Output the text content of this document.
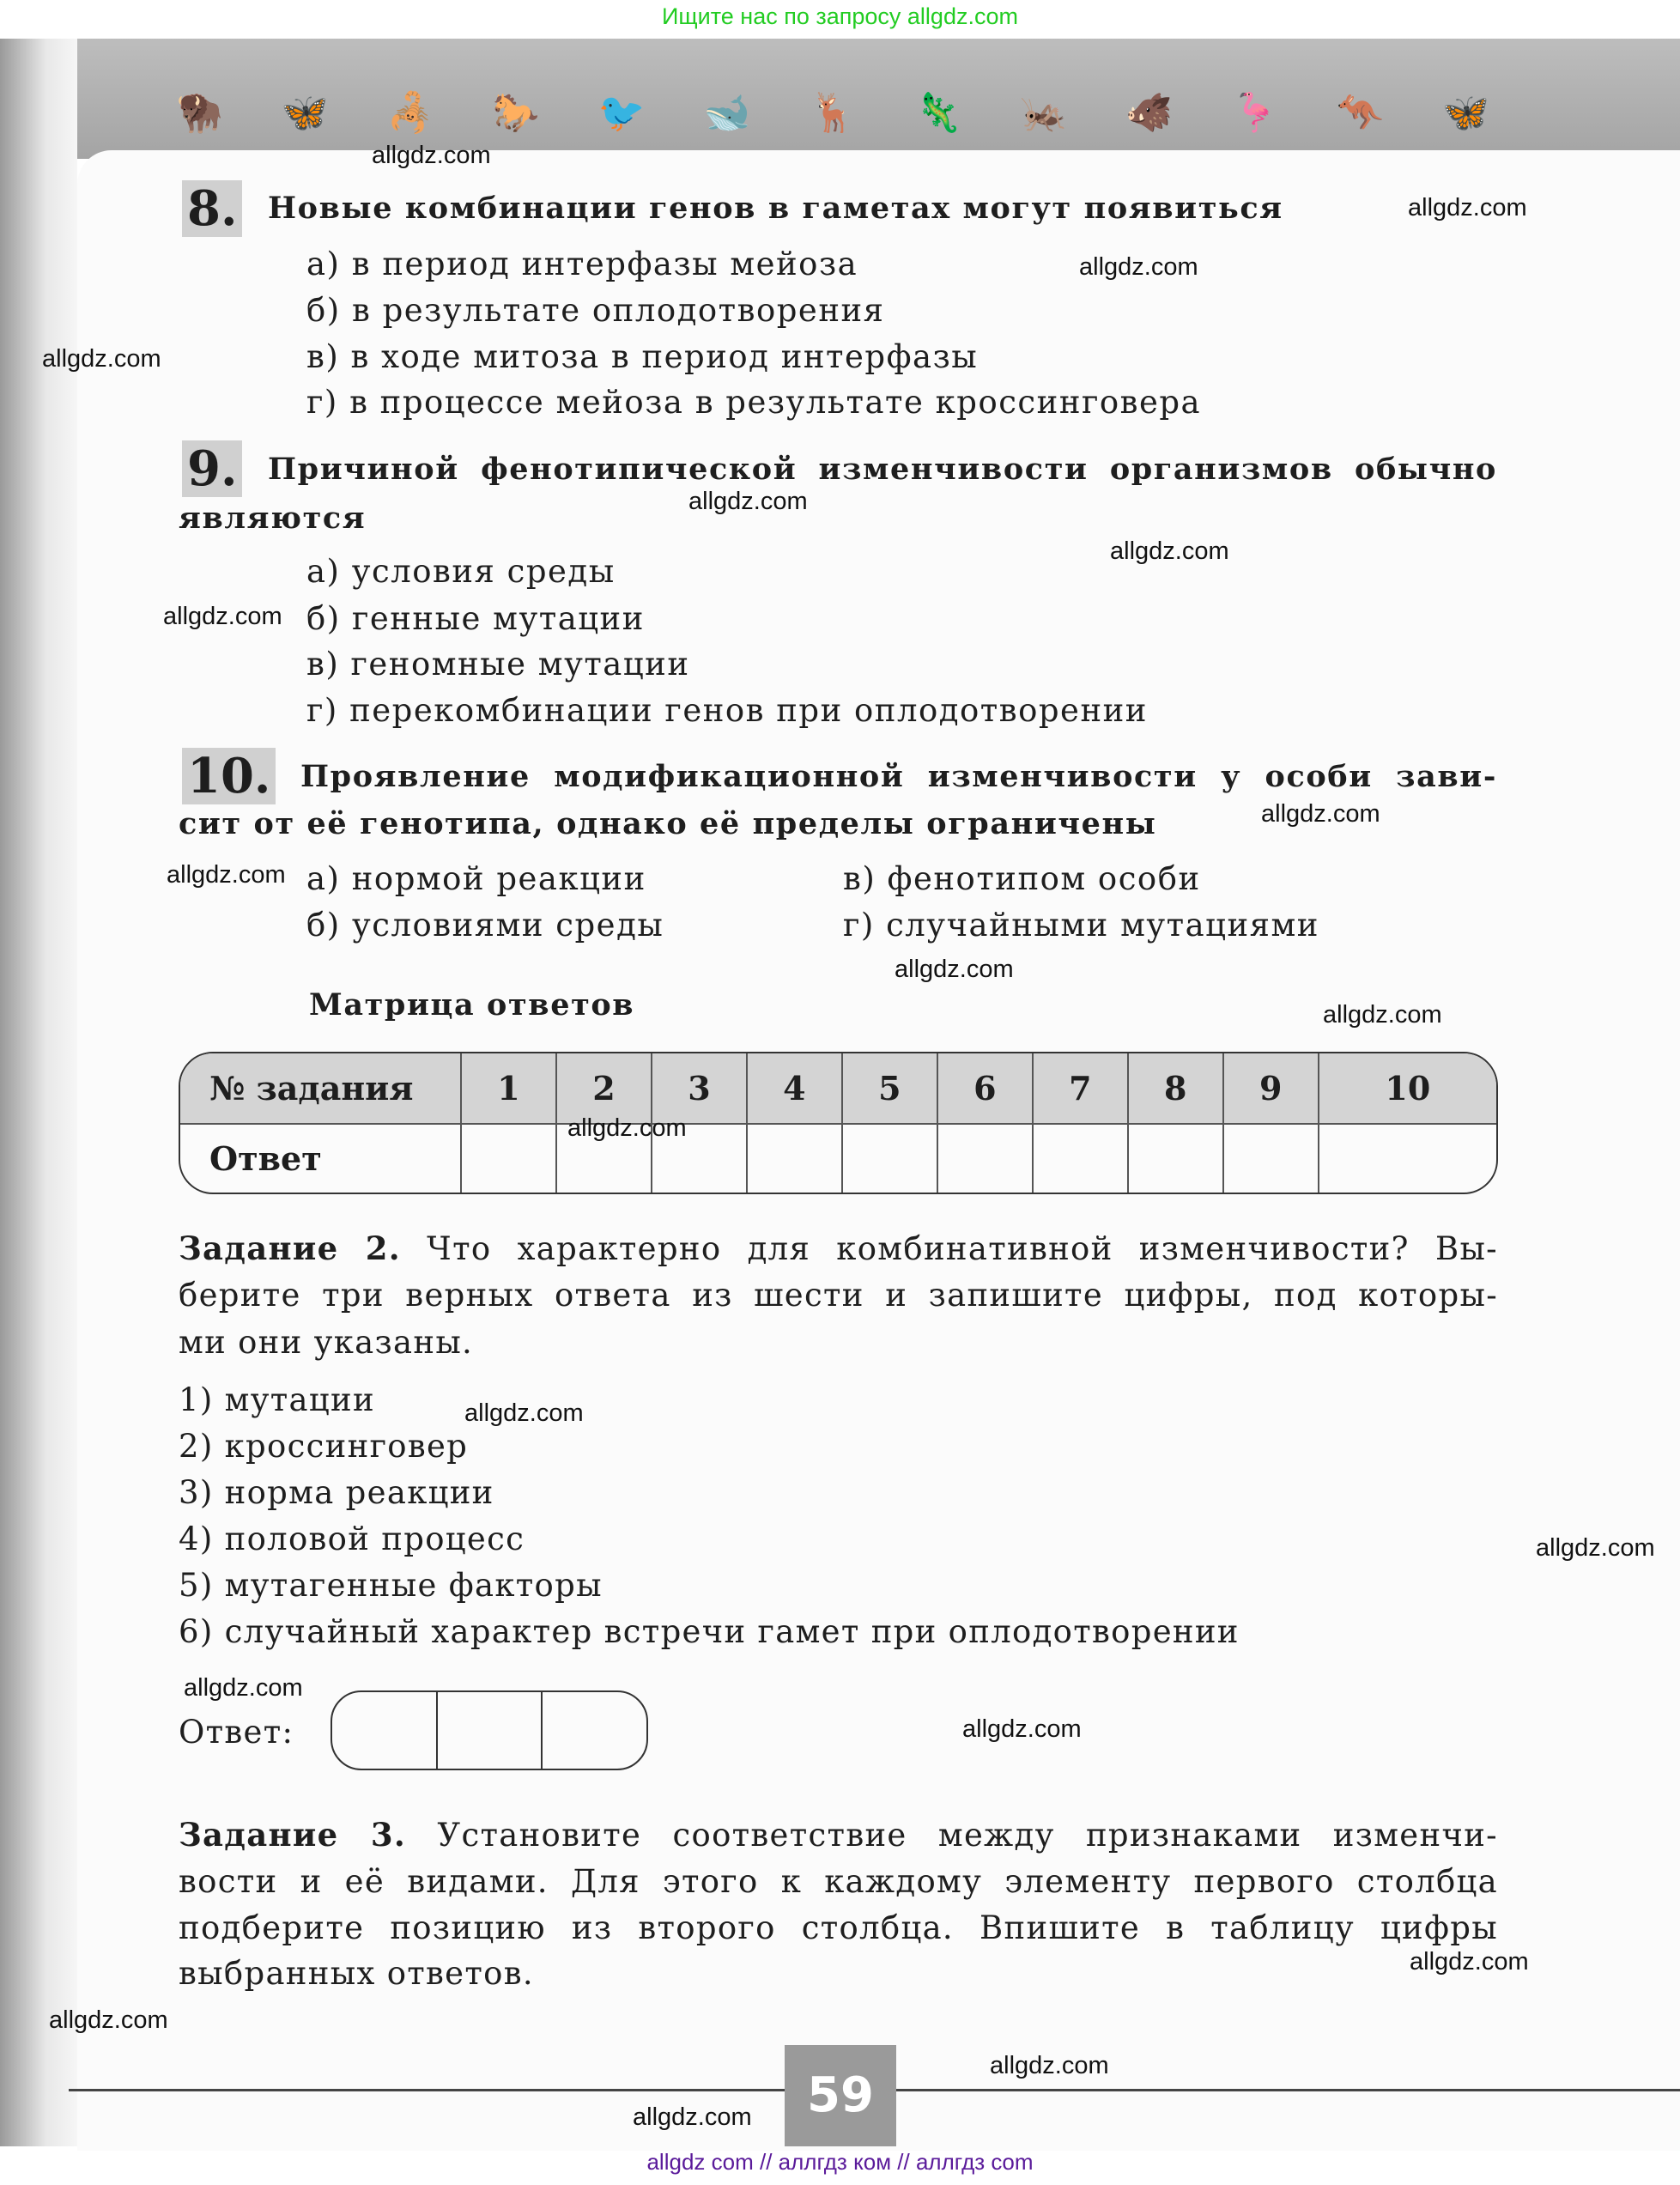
🦬 🦋 🦂 🐎 🐦 🐋 🦌 🦎 🦗 🐗 🦩 🦘 🦋
Ищите нас по запросу allgdz.com
8. Новые комбинации генов в гаметах могут появиться
а) в период интерфазы мейоза
б) в результате оплодотворения
в) в ходе митоза в период интерфазы
г) в процессе мейоза в результате кроссинговера
9. Причиной фенотипической изменчивости организмов обычно
являются
а) условия среды
б) генные мутации
в) геномные мутации
г) перекомбинации генов при оплодотворении
10. Проявление модификационной изменчивости у особи зави-
сит от её генотипа, однако её пределы ограничены
а) нормой реакции
б) условиями среды
в) фенотипом особи
г) случайными мутациями
Матрица ответов
№ задания	1	2	3	4	5	6	7	8	9	10
Ответ										
Задание 2. Что характерно для комбинативной изменчивости? Вы-
берите три верных ответа из шести и запишите цифры, под которы-
ми они указаны.
1) мутации
2) кроссинговер
3) норма реакции
4) половой процесс
5) мутагенные факторы
6) случайный характер встречи гамет при оплодотворении
Ответ:
Задание 3. Установите соответствие между признаками изменчи-
вости и её видами. Для этого к каждому элементу первого столбца
подберите позицию из второго столбца. Впишите в таблицу цифры
выбранных ответов.
59
allgdz.com
allgdz.com
allgdz.com
allgdz.com
allgdz.com
allgdz.com
allgdz.com
allgdz.com
allgdz.com
allgdz.com
allgdz.com
allgdz.com
allgdz.com
allgdz.com
allgdz.com
allgdz.com
allgdz.com
allgdz.com
allgdz.com
allgdz.com
allgdz com // аллгдз ком // аллгдз com
